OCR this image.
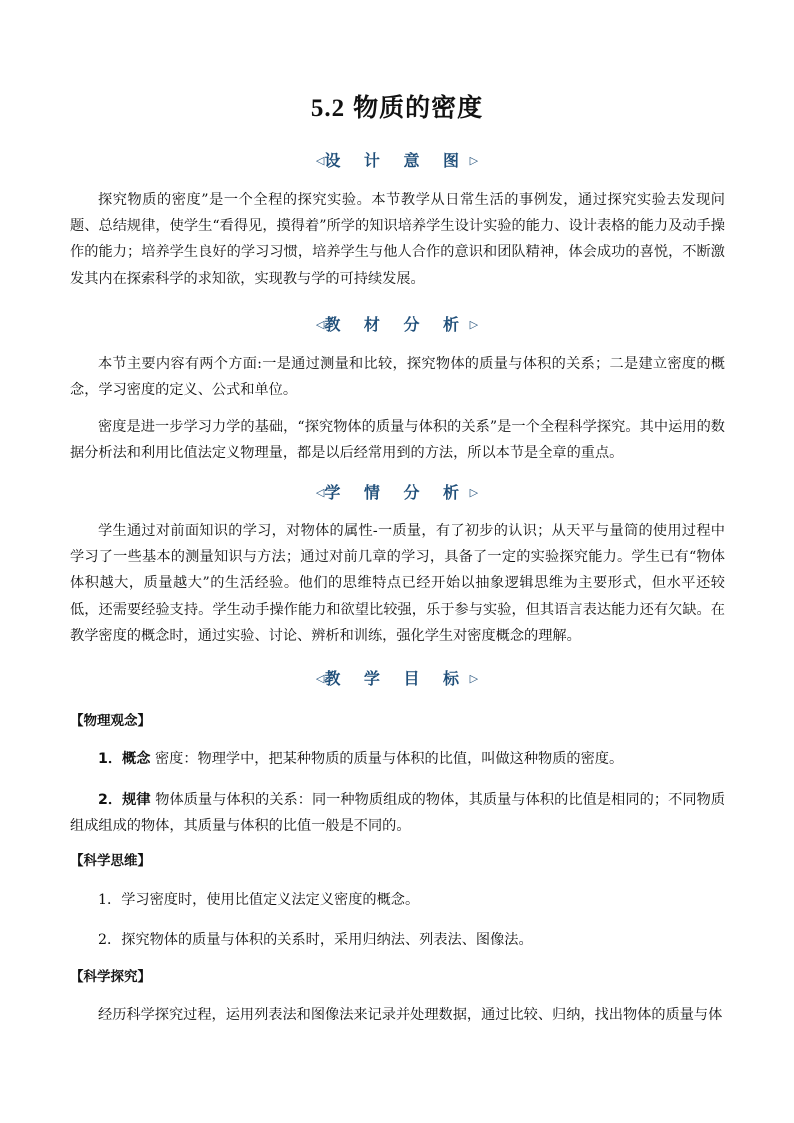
5.2 物质的密度
◁设 计 意 图 ▷

探究物质的密度”是一个全程的探究实验。本节教学从日常生活的事例发，通过探究实验去发现问题、总结规律，使学生“看得见，摸得着”所学的知识培养学生设计实验的能力、设计表格的能力及动手操作的能力；培养学生良好的学习习惯，培养学生与他人合作的意识和团队精神，体会成功的喜悦，不断激发其内在探索科学的求知欲，实现教与学的可持续发展。

◁教 材 分 析 ▷

本节主要内容有两个方面:一是通过测量和比较，探究物体的质量与体积的关系；二是建立密度的概念，学习密度的定义、公式和单位。

密度是进一步学习力学的基础，“探究物体的质量与体积的关系”是一个全程科学探究。其中运用的数据分析法和利用比值法定义物理量，都是以后经常用到的方法，所以本节是全章的重点。

◁学 情 分 析 ▷

学生通过对前面知识的学习，对物体的属性-一质量，有了初步的认识；从天平与量筒的使用过程中学习了一些基本的测量知识与方法；通过对前几章的学习，具备了一定的实验探究能力。学生已有“物体体积越大，质量越大”的生活经验。他们的思维特点已经开始以抽象逻辑思维为主要形式，但水平还较低，还需要经验支持。学生动手操作能力和欲望比较强，乐于参与实验，但其语言表达能力还有欠缺。在教学密度的概念时，通过实验、讨论、辨析和训练，强化学生对密度概念的理解。

◁教 学 目 标 ▷
【物理观念】

1．概念 密度：物理学中，把某种物质的质量与体积的比值，叫做这种物质的密度。

2．规律 物体质量与体积的关系：同一种物质组成的物体，其质量与体积的比值是相同的；不同物质组成组成的物体，其质量与体积的比值一般是不同的。

【科学思维】

1．学习密度时，使用比值定义法定义密度的概念。

2．探究物体的质量与体积的关系时，采用归纳法、列表法、图像法。

【科学探究】

经历科学探究过程，运用列表法和图像法来记录并处理数据，通过比较、归纳，找出物体的质量与体
